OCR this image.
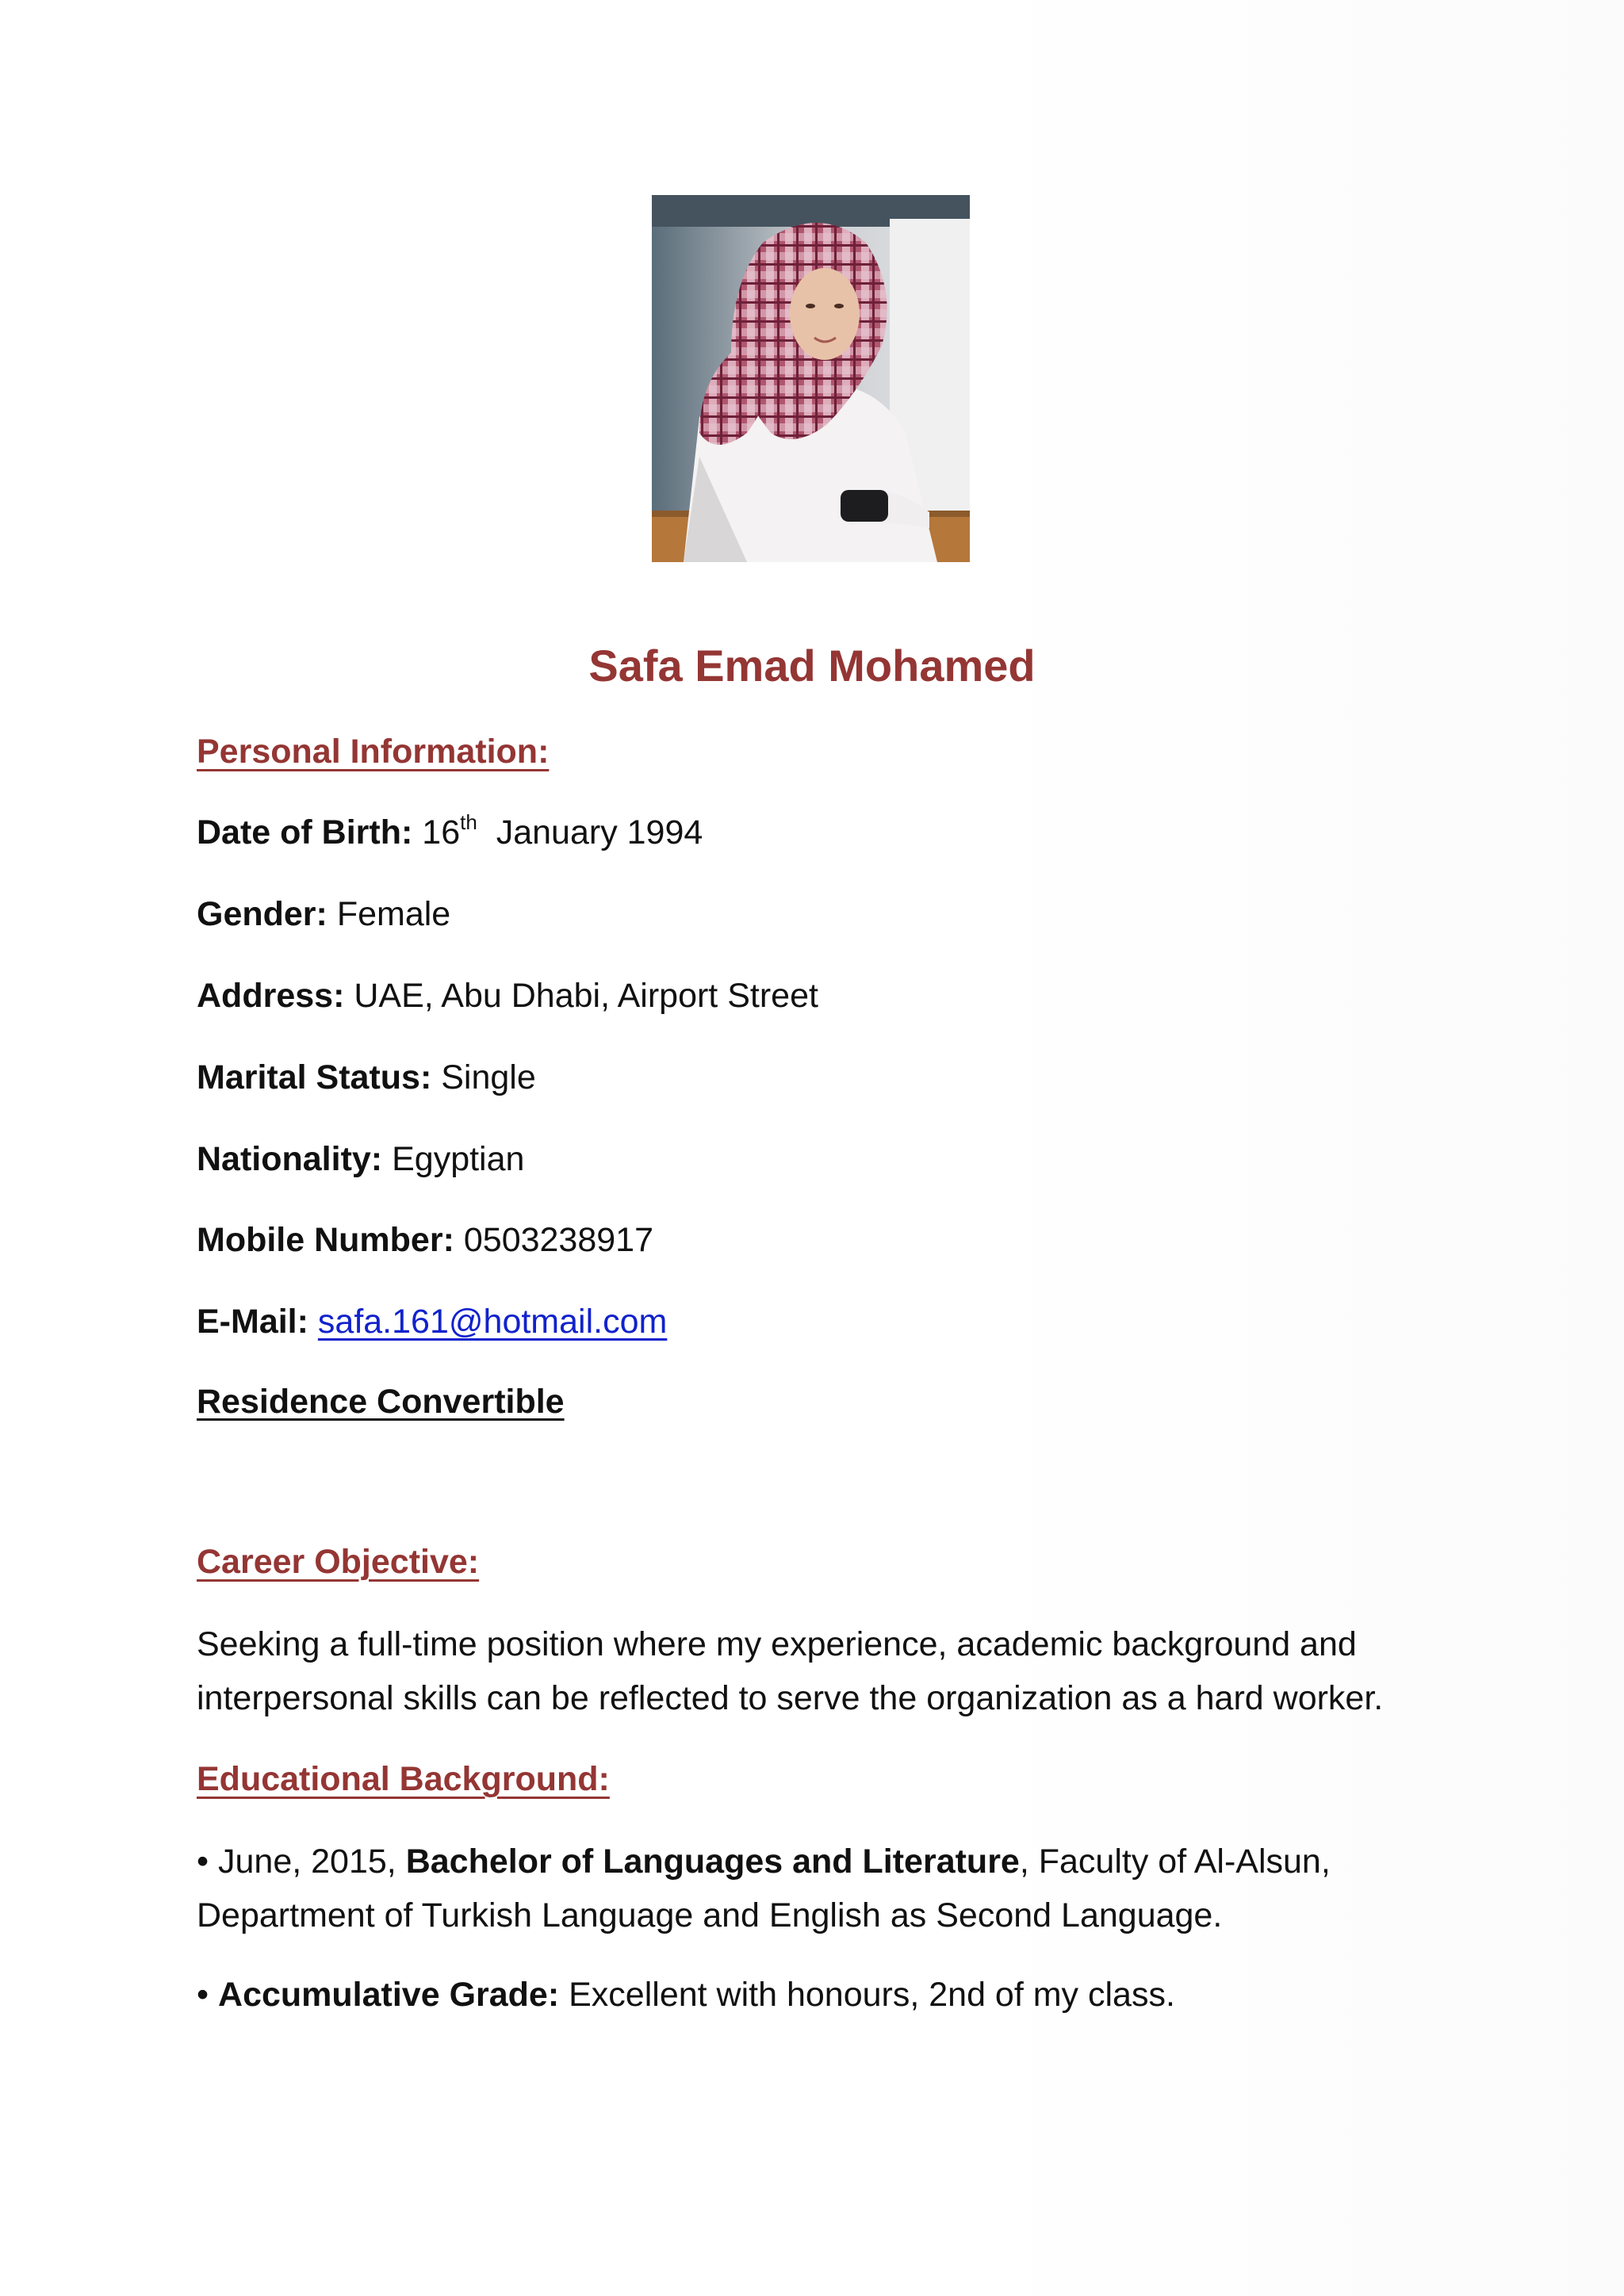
Safa Emad Mohamed
Personal Information:
Date of Birth: 16th January 1994
Gender: Female
Address: UAE, Abu Dhabi, Airport Street
Marital Status: Single
Nationality: Egyptian
Mobile Number: 0503238917
E-Mail: safa.161@hotmail.com
Residence Convertible
Career Objective:
Seeking a full-time position where my experience, academic background and
interpersonal skills can be reflected to serve the organization as a hard worker.
Educational Background:
• June, 2015, Bachelor of Languages and Literature, Faculty of Al-Alsun,
Department of Turkish Language and English as Second Language.
• Accumulative Grade: Excellent with honours, 2nd of my class.
